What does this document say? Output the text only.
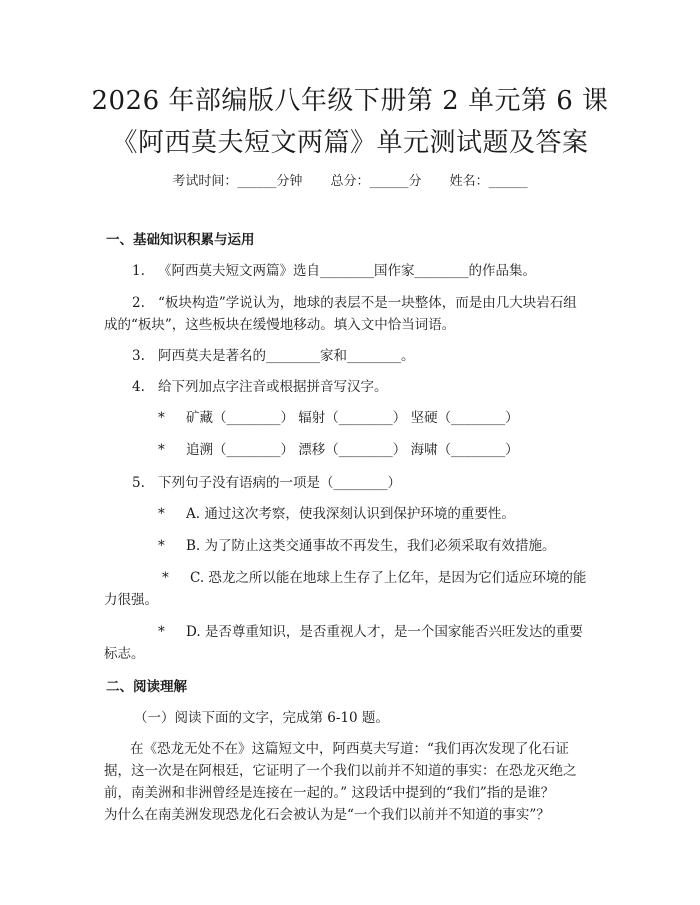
2026 年部编版八年级下册第 2 单元第 6 课
《阿西莫夫短文两篇》单元测试题及答案
考试时间：______分钟 总分：______分 姓名：______
一、基础知识积累与运用
1. 《阿西莫夫短文两篇》选自________国作家________的作品集。
2. “板块构造”学说认为，地球的表层不是一块整体，而是由几大块岩石组
成的“板块”，这些板块在缓慢地移动。填入文中恰当词语。
3. 阿西莫夫是著名的________家和________。
4. 给下列加点字注音或根据拼音写汉字。
* 矿藏（________） 辐射（________） 坚硬（________）
* 追溯（________） 漂移（________） 海啸（________）
5. 下列句子没有语病的一项是（________）
* A. 通过这次考察，使我深刻认识到保护环境的重要性。
* B. 为了防止这类交通事故不再发生，我们必须采取有效措施。
* C. 恐龙之所以能在地球上生存了上亿年，是因为它们适应环境的能
力很强。
* D. 是否尊重知识，是否重视人才，是一个国家能否兴旺发达的重要
标志。
二、阅读理解
（一）阅读下面的文字，完成第 6-10 题。
在《恐龙无处不在》这篇短文中，阿西莫夫写道：“我们再次发现了化石证
据，这一次是在阿根廷，它证明了一个我们以前并不知道的事实：在恐龙灭绝之
前，南美洲和非洲曾经是连接在一起的。” 这段话中提到的“我们”指的是谁？
为什么在南美洲发现恐龙化石会被认为是“一个我们以前并不知道的事实”？
